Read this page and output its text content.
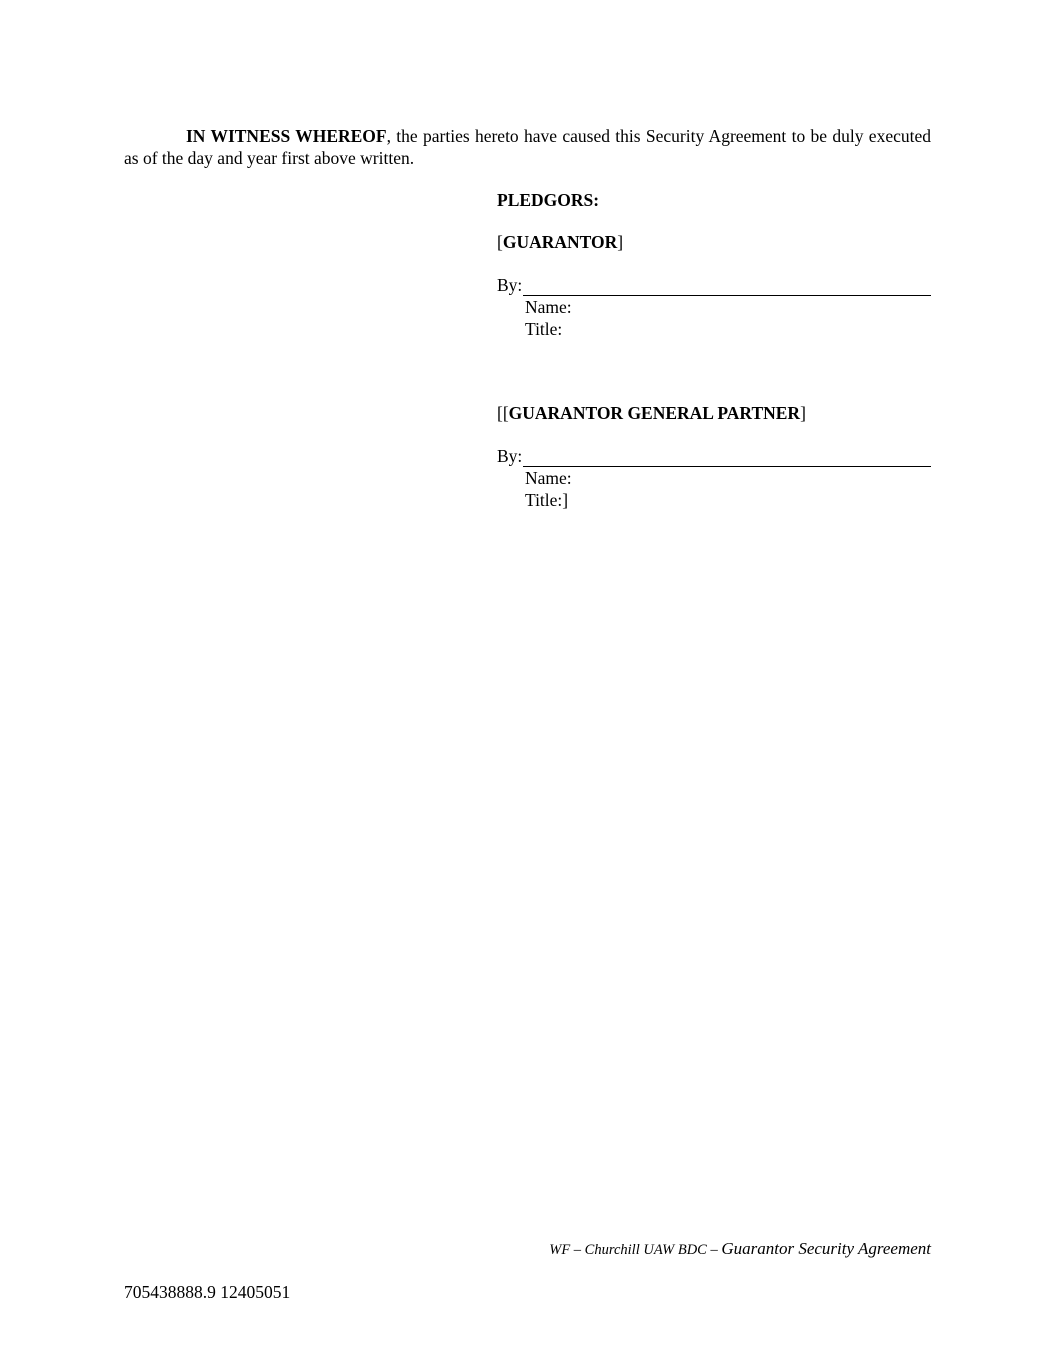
IN WITNESS WHEREOF, the parties hereto have caused this Security Agreement to be duly executed as of the day and year first above written.

PLEDGORS:
[GUARANTOR]
By:
Name:
Title:
[[GUARANTOR GENERAL PARTNER]
By:
Name:
Title:]
WF – Churchill UAW BDC – Guarantor Security Agreement
705438888.9 12405051
